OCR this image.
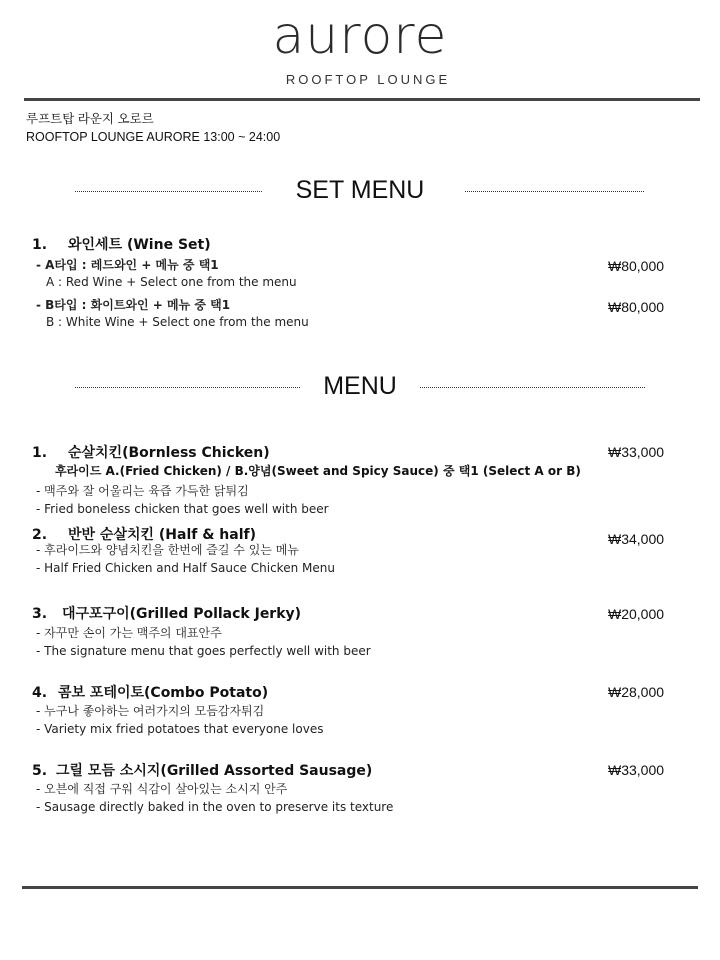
aurore
ROOFTOP LOUNGE
루프트탑 라운지 오로르
ROOFTOP LOUNGE AURORE 13:00 ~ 24:00
SET MENU
1. 와인세트 (Wine Set)
- A타입 : 레드와인 + 메뉴 중 택1
A : Red Wine + Select one from the menu
₩80,000
- B타입 : 화이트와인 + 메뉴 중 택1
B : White Wine + Select one from the menu
₩80,000
MENU
1. 순살치킨(Bornless Chicken)	₩33,000
후라이드 A.(Fried Chicken) / B.양념(Sweet and Spicy Sauce) 중 택1 (Select A or B)
- 맥주와 잘 어울리는 육즙 가득한 닭튀김
- Fried boneless chicken that goes well with beer
2. 반반 순살치킨 (Half & half)	₩34,000
- 후라이드와 양념치킨을 한번에 즐길 수 있는 메뉴
- Half Fried Chicken and Half Sauce Chicken Menu
3. 대구포구이(Grilled Pollack Jerky)	₩20,000
- 자꾸만 손이 가는 맥주의 대표안주
- The signature menu that goes perfectly well with beer
4. 콤보 포테이토(Combo Potato)	₩28,000
- 누구나 좋아하는 여러가지의 모듬감자튀김
- Variety mix fried potatoes that everyone loves
5. 그릴 모듬 소시지(Grilled Assorted Sausage)	₩33,000
- 오븐에 직접 구워 식감이 살아있는 소시지 안주
- Sausage directly baked in the oven to preserve its texture
